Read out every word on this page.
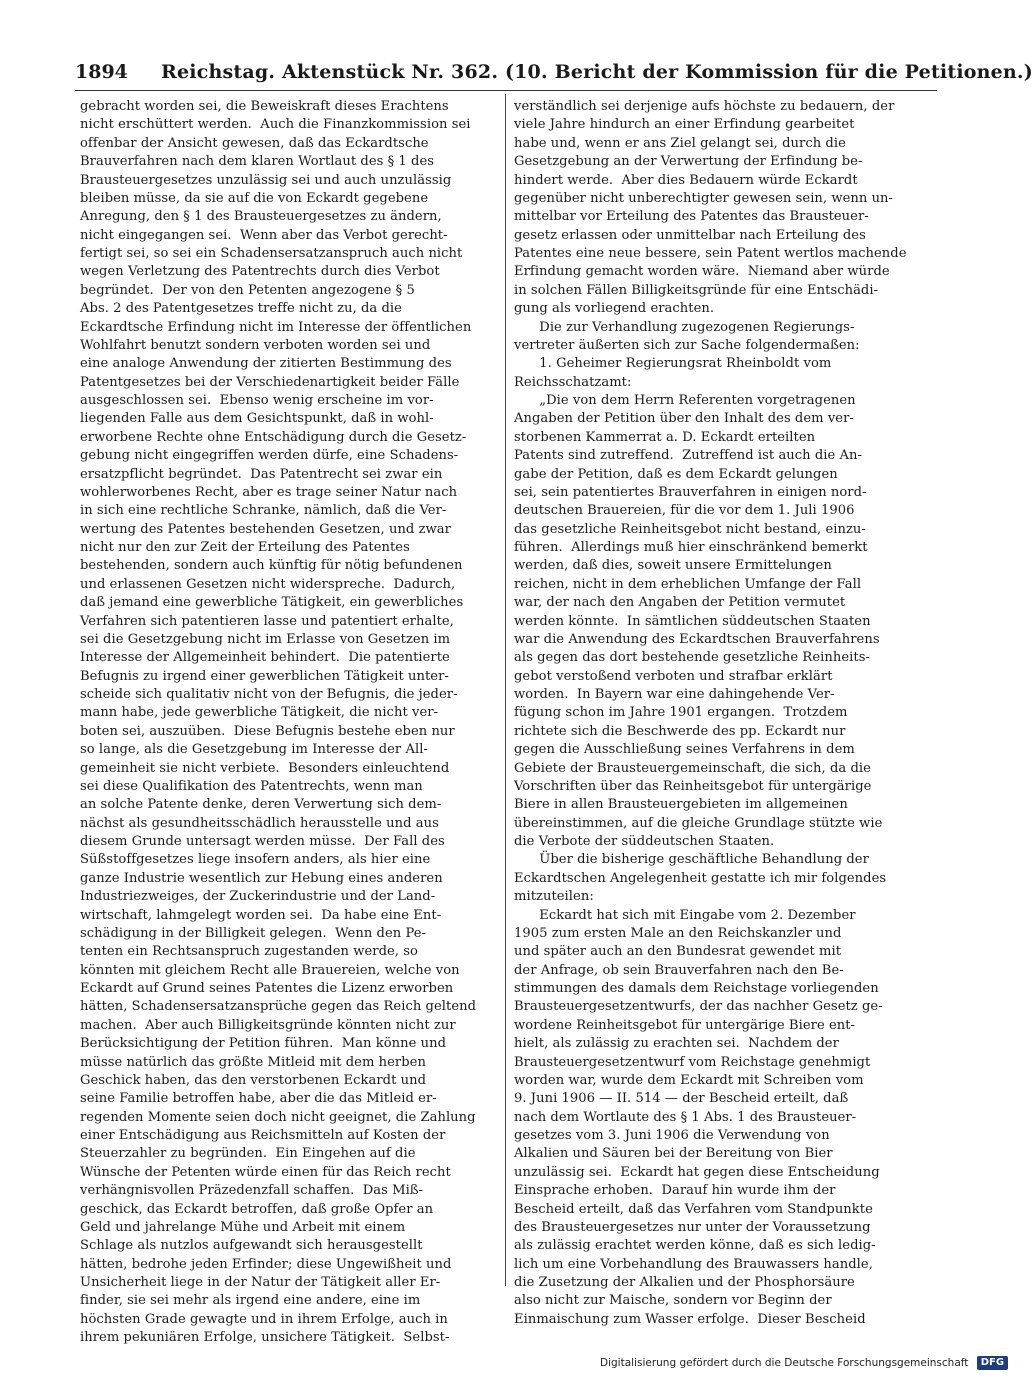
1894 Reichstag. Aktenstück Nr. 362. (10. Bericht der Kommission für die Petitionen.)
gebracht worden sei, die Beweiskraft dieses Erachtens
nicht erschüttert werden.  Auch die Finanzkommission sei
offenbar der Ansicht gewesen, daß das Eckardtsche
Brauverfahren nach dem klaren Wortlaut des § 1 des
Brausteuergesetzes unzulässig sei und auch unzulässig
bleiben müsse, da sie auf die von Eckardt gegebene
Anregung, den § 1 des Brausteuergesetzes zu ändern,
nicht eingegangen sei.  Wenn aber das Verbot gerecht-
fertigt sei, so sei ein Schadensersatzanspruch auch nicht
wegen Verletzung des Patentrechts durch dies Verbot
begründet.  Der von den Petenten angezogene § 5
Abs. 2 des Patentgesetzes treffe nicht zu, da die
Eckardtsche Erfindung nicht im Interesse der öffentlichen
Wohlfahrt benutzt sondern verboten worden sei und
eine analoge Anwendung der zitierten Bestimmung des
Patentgesetzes bei der Verschiedenartigkeit beider Fälle
ausgeschlossen sei.  Ebenso wenig erscheine im vor-
liegenden Falle aus dem Gesichtspunkt, daß in wohl-
erworbene Rechte ohne Entschädigung durch die Gesetz-
gebung nicht eingegriffen werden dürfe, eine Schadens-
ersatzpflicht begründet.  Das Patentrecht sei zwar ein
wohlerworbenes Recht, aber es trage seiner Natur nach
in sich eine rechtliche Schranke, nämlich, daß die Ver-
wertung des Patentes bestehenden Gesetzen, und zwar
nicht nur den zur Zeit der Erteilung des Patentes
bestehenden, sondern auch künftig für nötig befundenen
und erlassenen Gesetzen nicht widerspreche.  Dadurch,
daß jemand eine gewerbliche Tätigkeit, ein gewerbliches
Verfahren sich patentieren lasse und patentiert erhalte,
sei die Gesetzgebung nicht im Erlasse von Gesetzen im
Interesse der Allgemeinheit behindert.  Die patentierte
Befugnis zu irgend einer gewerblichen Tätigkeit unter-
scheide sich qualitativ nicht von der Befugnis, die jeder-
mann habe, jede gewerbliche Tätigkeit, die nicht ver-
boten sei, auszuüben.  Diese Befugnis bestehe eben nur
so lange, als die Gesetzgebung im Interesse der All-
gemeinheit sie nicht verbiete.  Besonders einleuchtend
sei diese Qualifikation des Patentrechts, wenn man
an solche Patente denke, deren Verwertung sich dem-
nächst als gesundheitsschädlich herausstelle und aus
diesem Grunde untersagt werden müsse.  Der Fall des
Süßstoffgesetzes liege insofern anders, als hier eine
ganze Industrie wesentlich zur Hebung eines anderen
Industriezweiges, der Zuckerindustrie und der Land-
wirtschaft, lahmgelegt worden sei.  Da habe eine Ent-
schädigung in der Billigkeit gelegen.  Wenn den Pe-
tenten ein Rechtsanspruch zugestanden werde, so
könnten mit gleichem Recht alle Brauereien, welche von
Eckardt auf Grund seines Patentes die Lizenz erworben
hätten, Schadensersatzansprüche gegen das Reich geltend
machen.  Aber auch Billigkeitsgründe könnten nicht zur
Berücksichtigung der Petition führen.  Man könne und
müsse natürlich das größte Mitleid mit dem herben
Geschick haben, das den verstorbenen Eckardt und
seine Familie betroffen habe, aber die das Mitleid er-
regenden Momente seien doch nicht geeignet, die Zahlung
einer Entschädigung aus Reichsmitteln auf Kosten der
Steuerzahler zu begründen.  Ein Eingehen auf die
Wünsche der Petenten würde einen für das Reich recht
verhängnisvollen Präzedenzfall schaffen.  Das Miß-
geschick, das Eckardt betroffen, daß große Opfer an
Geld und jahrelange Mühe und Arbeit mit einem
Schlage als nutzlos aufgewandt sich herausgestellt
hätten, bedrohe jeden Erfinder; diese Ungewißheit und
Unsicherheit liege in der Natur der Tätigkeit aller Er-
finder, sie sei mehr als irgend eine andere, eine im
höchsten Grade gewagte und in ihrem Erfolge, auch in
ihrem pekuniären Erfolge, unsichere Tätigkeit.  Selbst-
verständlich sei derjenige aufs höchste zu bedauern, der
viele Jahre hindurch an einer Erfindung gearbeitet
habe und, wenn er ans Ziel gelangt sei, durch die
Gesetzgebung an der Verwertung der Erfindung be-
hindert werde.  Aber dies Bedauern würde Eckardt
gegenüber nicht unberechtigter gewesen sein, wenn un-
mittelbar vor Erteilung des Patentes das Brausteuer-
gesetz erlassen oder unmittelbar nach Erteilung des
Patentes eine neue bessere, sein Patent wertlos machende
Erfindung gemacht worden wäre.  Niemand aber würde
in solchen Fällen Billigkeitsgründe für eine Entschädi-
gung als vorliegend erachten.
Die zur Verhandlung zugezogenen Regierungs-
vertreter äußerten sich zur Sache folgendermaßen:
1. Geheimer Regierungsrat Rheinboldt vom
Reichsschatzamt:
„Die von dem Herrn Referenten vorgetragenen
Angaben der Petition über den Inhalt des dem ver-
storbenen Kammerrat a. D. Eckardt erteilten
Patents sind zutreffend.  Zutreffend ist auch die An-
gabe der Petition, daß es dem Eckardt gelungen
sei, sein patentiertes Brauverfahren in einigen nord-
deutschen Brauereien, für die vor dem 1. Juli 1906
das gesetzliche Reinheitsgebot nicht bestand, einzu-
führen.  Allerdings muß hier einschränkend bemerkt
werden, daß dies, soweit unsere Ermittelungen
reichen, nicht in dem erheblichen Umfange der Fall
war, der nach den Angaben der Petition vermutet
werden könnte.  In sämtlichen süddeutschen Staaten
war die Anwendung des Eckardtschen Brauverfahrens
als gegen das dort bestehende gesetzliche Reinheits-
gebot verstoßend verboten und strafbar erklärt
worden.  In Bayern war eine dahingehende Ver-
fügung schon im Jahre 1901 ergangen.  Trotzdem
richtete sich die Beschwerde des pp. Eckardt nur
gegen die Ausschließung seines Verfahrens in dem
Gebiete der Brausteuergemeinschaft, die sich, da die
Vorschriften über das Reinheitsgebot für untergärige
Biere in allen Brausteuergebieten im allgemeinen
übereinstimmen, auf die gleiche Grundlage stützte wie
die Verbote der süddeutschen Staaten.
Über die bisherige geschäftliche Behandlung der
Eckardtschen Angelegenheit gestatte ich mir folgendes
mitzuteilen:
Eckardt hat sich mit Eingabe vom 2. Dezember
1905 zum ersten Male an den Reichskanzler und
und später auch an den Bundesrat gewendet mit
der Anfrage, ob sein Brauverfahren nach den Be-
stimmungen des damals dem Reichstage vorliegenden
Brausteuergesetzentwurfs, der das nachher Gesetz ge-
wordene Reinheitsgebot für untergärige Biere ent-
hielt, als zulässig zu erachten sei.  Nachdem der
Brausteuergesetzentwurf vom Reichstage genehmigt
worden war, wurde dem Eckardt mit Schreiben vom
9. Juni 1906 — II. 514 — der Bescheid erteilt, daß
nach dem Wortlaute des § 1 Abs. 1 des Brausteuer-
gesetzes vom 3. Juni 1906 die Verwendung von
Alkalien und Säuren bei der Bereitung von Bier
unzulässig sei.  Eckardt hat gegen diese Entscheidung
Einsprache erhoben.  Darauf hin wurde ihm der
Bescheid erteilt, daß das Verfahren vom Standpunkte
des Brausteuergesetzes nur unter der Voraussetzung
als zulässig erachtet werden könne, daß es sich ledig-
lich um eine Vorbehandlung des Brauwassers handle,
die Zusetzung der Alkalien und der Phosphorsäure
also nicht zur Maische, sondern vor Beginn der
Einmaischung zum Wasser erfolge.  Dieser Bescheid
Digitalisierung gefördert durch die Deutsche Forschungsgemeinschaft DFG
